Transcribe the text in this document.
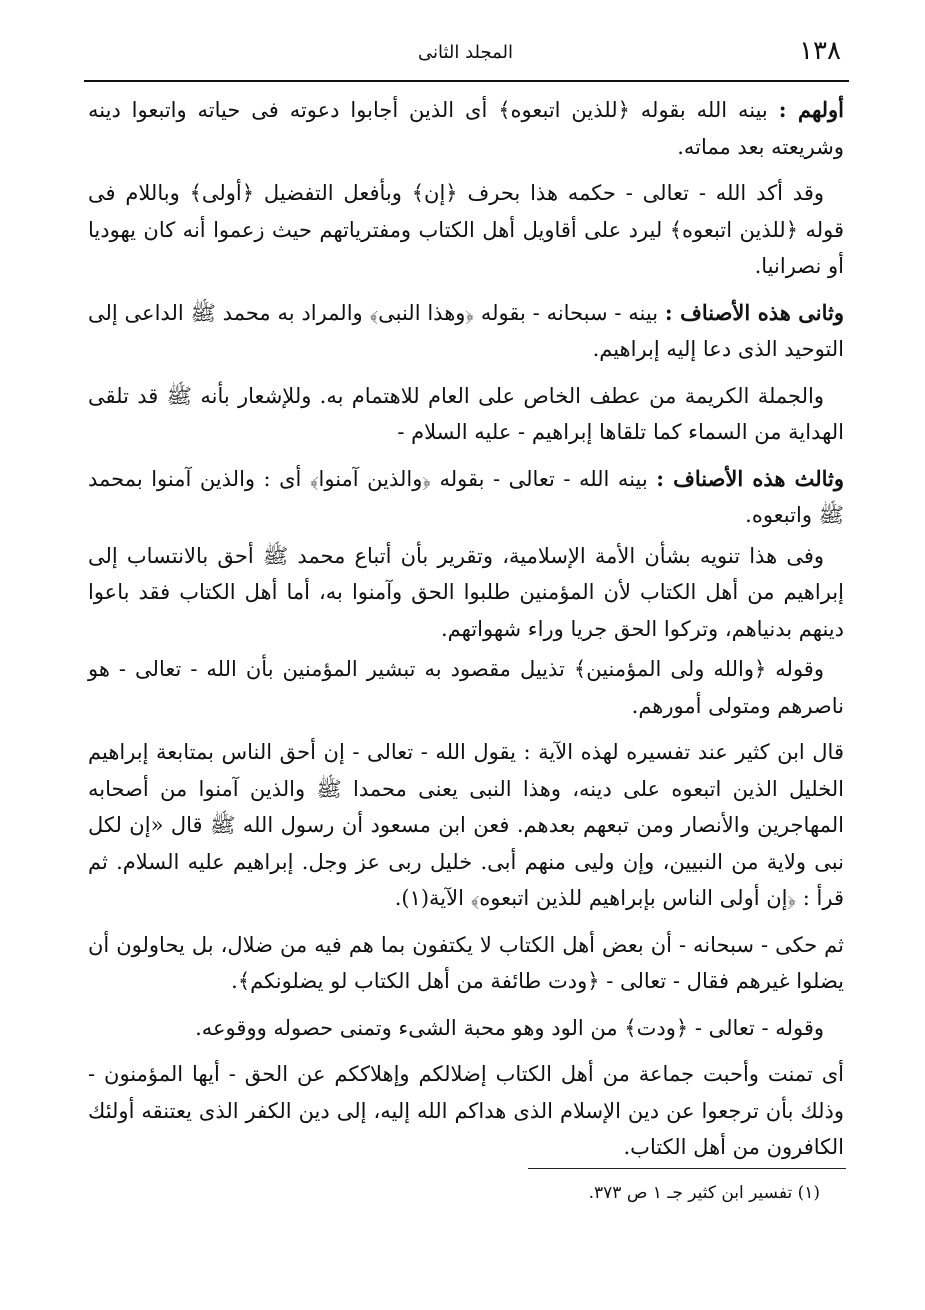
١٣٨
المجلد الثانى

أولهم : بينه الله بقوله ﴿للذين اتبعوه﴾ أى الذين أجابوا دعوته فى حياته واتبعوا دينه وشريعته بعد مماته.

وقد أكد الله - تعالى - حكمه هذا بحرف ﴿إن﴾ وبأفعل التفضيل ﴿أولى﴾ وباللام فى قوله ﴿للذين اتبعوه﴾ ليرد على أقاويل أهل الكتاب ومفترياتهم حيث زعموا أنه كان يهوديا أو نصرانيا.

وثانى هذه الأصناف : بينه - سبحانه - بقوله ﴿وهذا النبى﴾ والمراد به محمد ﷺ الداعى إلى التوحيد الذى دعا إليه إبراهيم.

والجملة الكريمة من عطف الخاص على العام للاهتمام به. وللإشعار بأنه ﷺ قد تلقى الهداية من السماء كما تلقاها إبراهيم - عليه السلام -

وثالث هذه الأصناف : بينه الله - تعالى - بقوله ﴿والذين آمنوا﴾ أى : والذين آمنوا بمحمد ﷺ واتبعوه.

وفى هذا تنويه بشأن الأمة الإسلامية، وتقرير بأن أتباع محمد ﷺ أحق بالانتساب إلى إبراهيم من أهل الكتاب لأن المؤمنين طلبوا الحق وآمنوا به، أما أهل الكتاب فقد باعوا دينهم بدنياهم، وتركوا الحق جريا وراء شهواتهم.

وقوله ﴿والله ولى المؤمنين﴾ تذييل مقصود به تبشير المؤمنين بأن الله - تعالى - هو ناصرهم ومتولى أمورهم.

قال ابن كثير عند تفسيره لهذه الآية : يقول الله - تعالى - إن أحق الناس بمتابعة إبراهيم الخليل الذين اتبعوه على دينه، وهذا النبى يعنى محمدا ﷺ والذين آمنوا من أصحابه المهاجرين والأنصار ومن تبعهم بعدهم. فعن ابن مسعود أن رسول الله ﷺ قال «إن لكل نبى ولاية من النبيين، وإن وليى منهم أبى. خليل ربى عز وجل. إبراهيم عليه السلام. ثم قرأ : ﴿إن أولى الناس بإبراهيم للذين اتبعوه﴾ الآية(١).

ثم حكى - سبحانه - أن بعض أهل الكتاب لا يكتفون بما هم فيه من ضلال، بل يحاولون أن يضلوا غيرهم فقال - تعالى - ﴿ودت طائفة من أهل الكتاب لو يضلونكم﴾.

وقوله - تعالى - ﴿ودت﴾ من الود وهو محبة الشىء وتمنى حصوله ووقوعه.

أى تمنت وأحبت جماعة من أهل الكتاب إضلالكم وإهلاككم عن الحق - أيها المؤمنون - وذلك بأن ترجعوا عن دين الإسلام الذى هداكم الله إليه، إلى دين الكفر الذى يعتنقه أولئك الكافرون من أهل الكتاب.

(١) تفسير ابن كثير جـ ١ ص ٣٧٣.
